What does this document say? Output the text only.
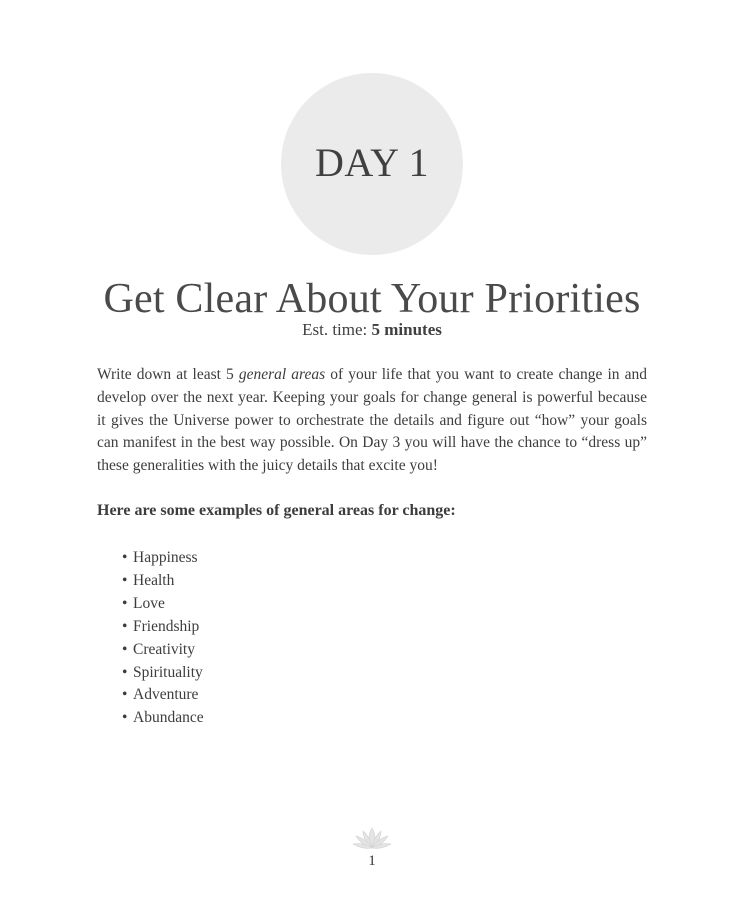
DAY 1
Get Clear About Your Priorities
Est. time: 5 minutes

Write down at least 5 general areas of your life that you want to create change in and develop over the next year. Keeping your goals for change general is powerful because it gives the Universe power to orchestrate the details and figure out “how” your goals can manifest in the best way possible. On Day 3 you will have the chance to “dress up” these generalities with the juicy details that excite you!

Here are some examples of general areas for change:
• Happiness
• Health
• Love
• Friendship
• Creativity
• Spirituality
• Adventure
• Abundance
1
